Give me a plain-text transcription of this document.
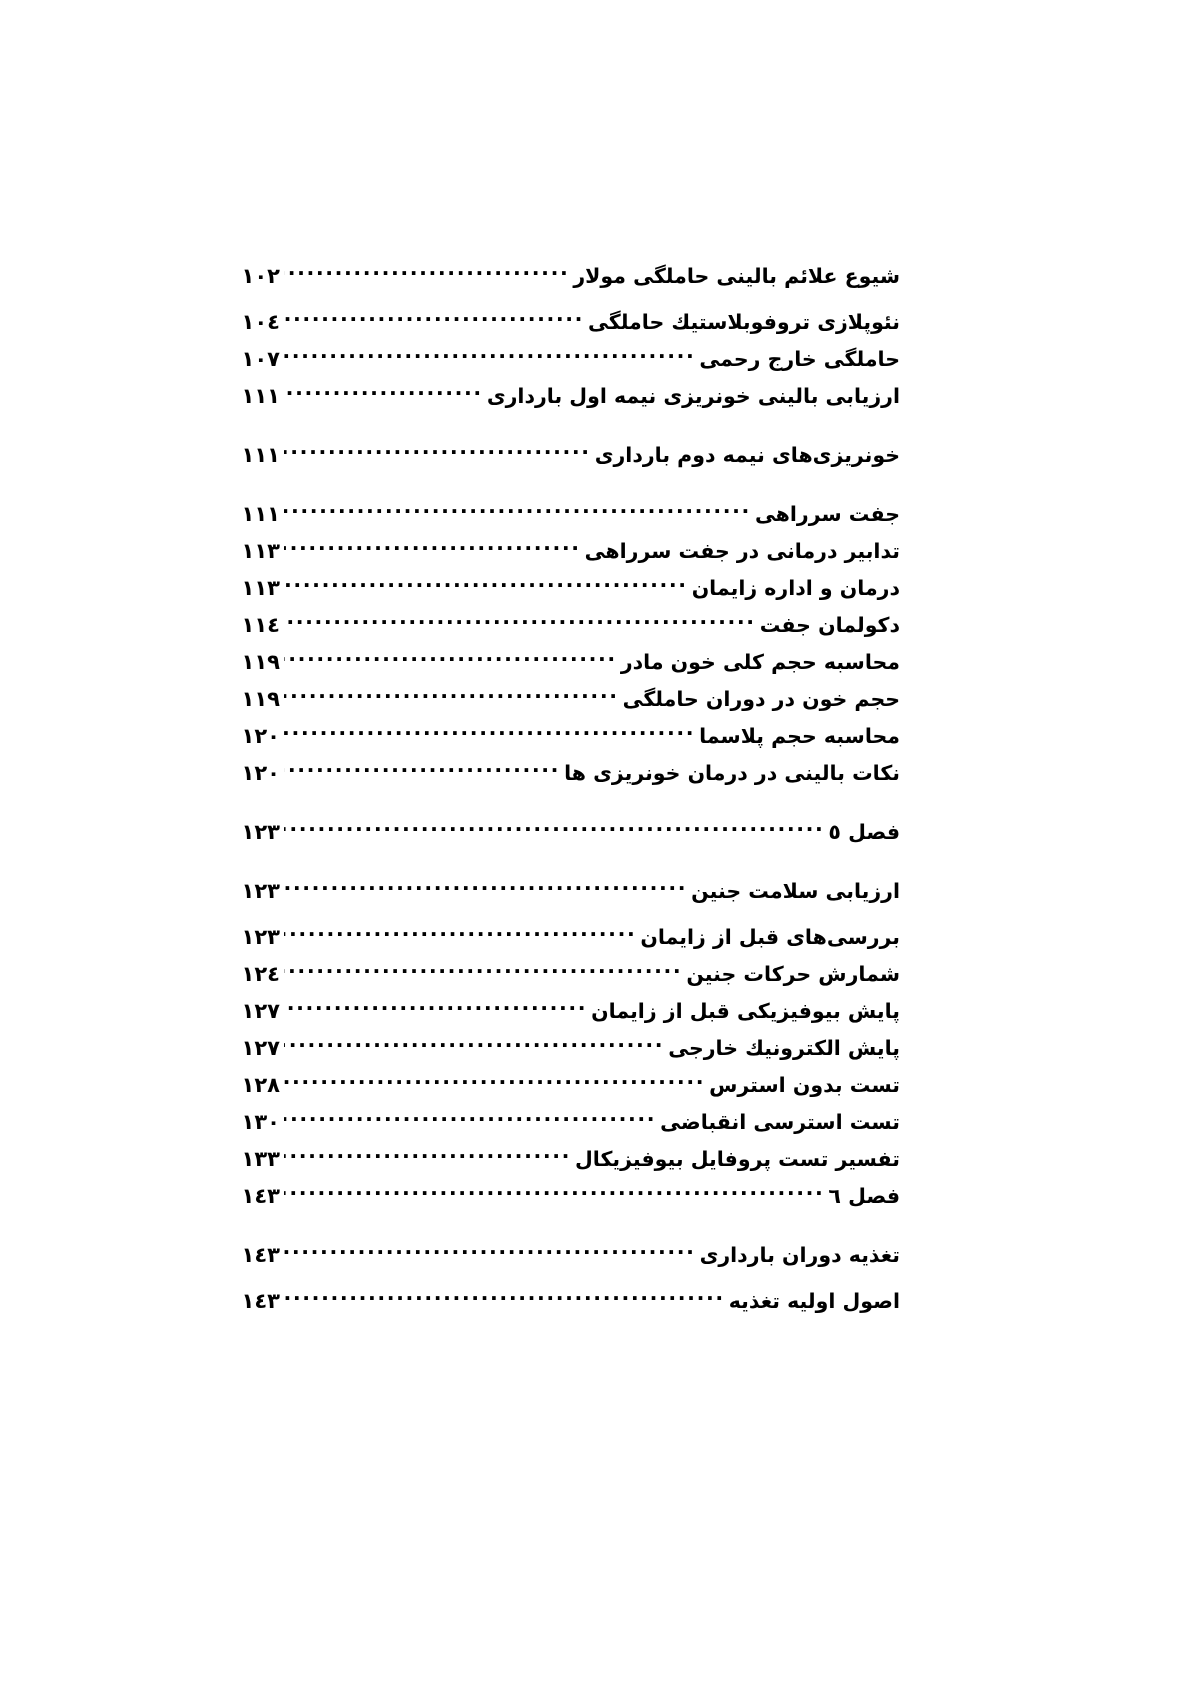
شیوع علائم بالینی حاملگی مولار
.....
١٠٢
نئوپلازی تروفوبلاستیك حاملگی
.....
١٠٤
حاملگی خارج رحمی
.....
١٠٧
ارزیابی بالینی خونریزی نیمه اول بارداری
.....
١١١
خونریزی‌های نیمه دوم بارداری
.....
١١١
جفت سرراهی
.....
١١١
تدابیر درمانی در جفت سرراهی
.....
١١٣
درمان و اداره زایمان
.....
١١٣
دكولمان جفت
.....
١١٤
محاسبه حجم كلی خون مادر
.....
١١٩
حجم خون در دوران حاملگی
.....
١١٩
محاسبه حجم پلاسما
.....
١٢٠
نكات بالینی در درمان خونریزی ها
.....
١٢٠
فصل ٥
.....
١٢٣
ارزیابی سلامت جنین
.....
١٢٣
بررسی‌های قبل از زایمان
.....
١٢٣
شمارش حركات جنین
.....
١٢٤
پایش بیوفیزیکی قبل از زایمان
.....
١٢٧
پایش الكترونیك خارجی
.....
١٢٧
تست بدون استرس
.....
١٢٨
تست استرسی انقباضی
.....
١٣٠
تفسیر تست پروفایل بیوفیزیكال
.....
١٣٣
فصل ٦
.....
١٤٣
تغذیه دوران بارداری
.....
١٤٣
اصول اولیه تغذیه
.....
١٤٣
